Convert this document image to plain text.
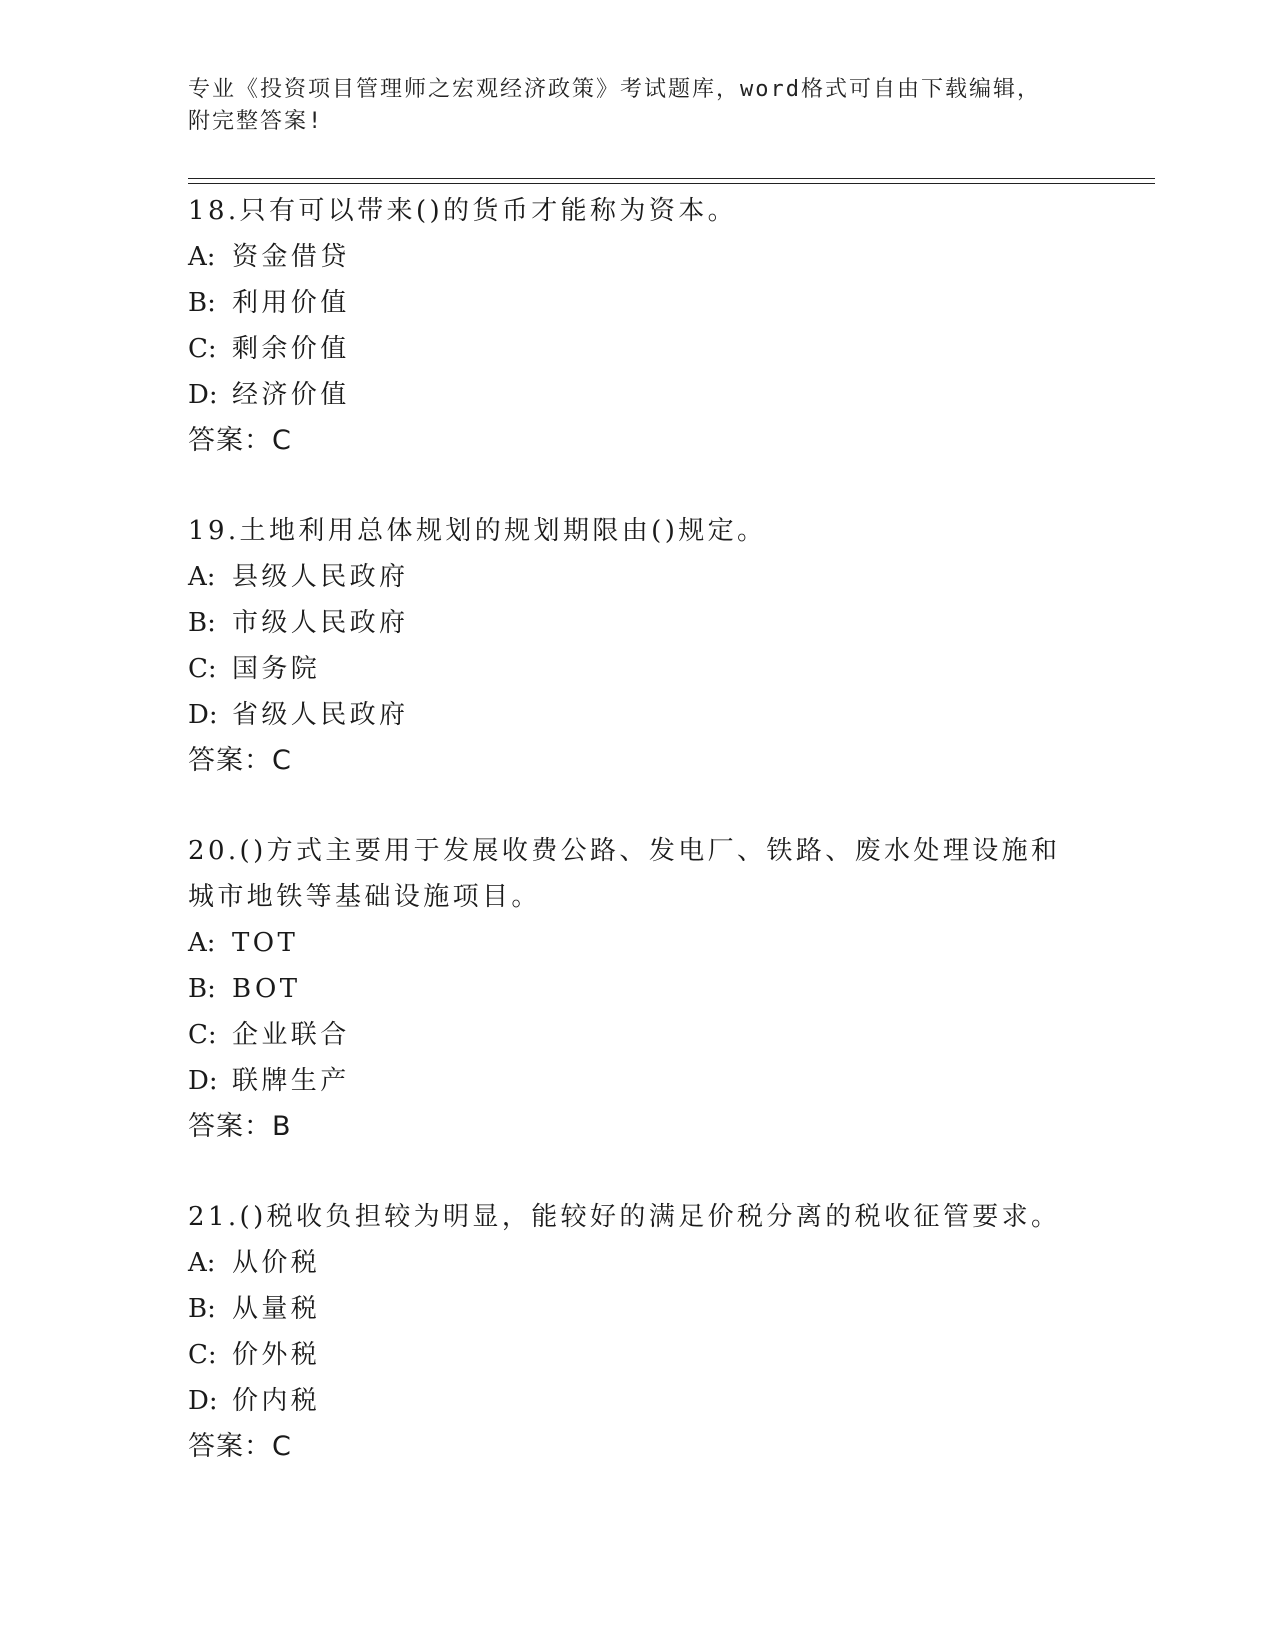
专业《投资项目管理师之宏观经济政策》考试题库，word格式可自由下载编辑，
附完整答案!

18.只有可以带来()的货币才能称为资本。

A: 资金借贷
B: 利用价值
C: 剩余价值
D: 经济价值
答案：C

19.土地利用总体规划的规划期限由()规定。

A: 县级人民政府
B: 市级人民政府
C: 国务院
D: 省级人民政府
答案：C

20.()方式主要用于发展收费公路、发电厂、铁路、废水处理设施和城市地铁等基础设施项目。

A: TOT
B: BOT
C: 企业联合
D: 联牌生产
答案：B

21.()税收负担较为明显，能较好的满足价税分离的税收征管要求。

A: 从价税
B: 从量税
C: 价外税
D: 价内税
答案：C
